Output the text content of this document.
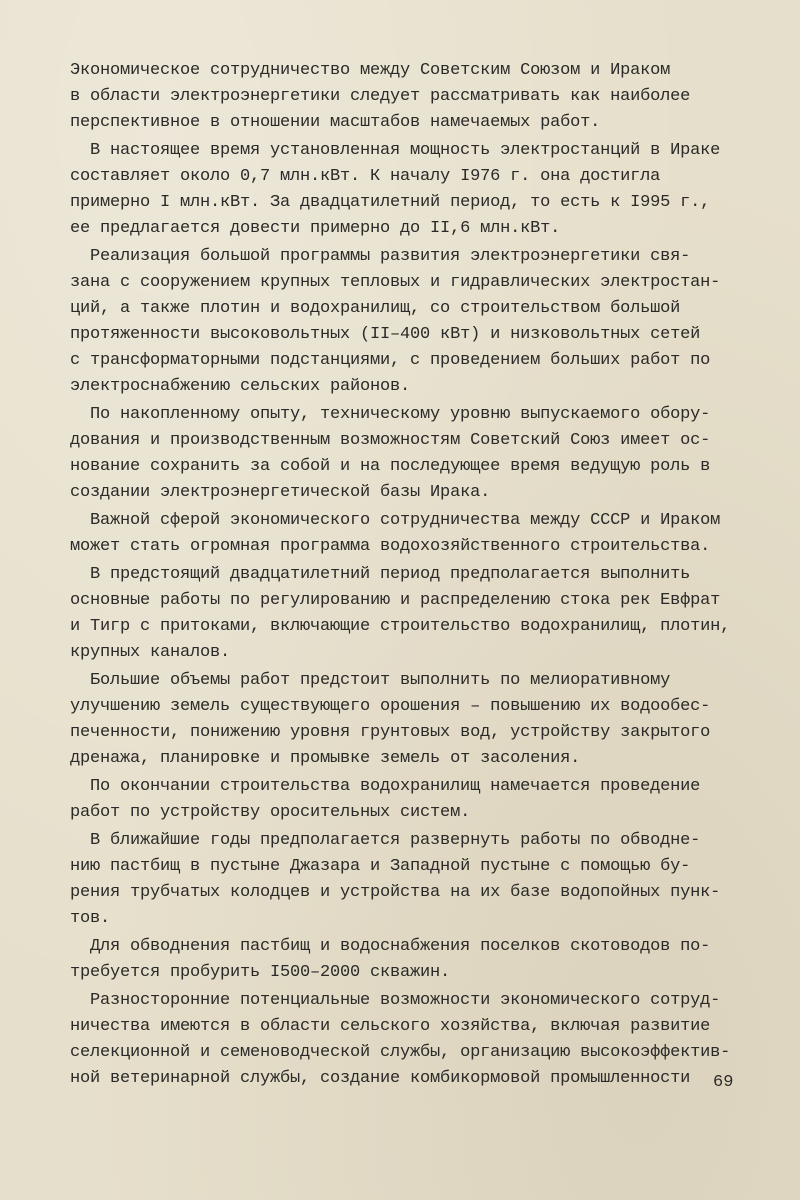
Экономическое сотрудничество между Советским Союзом и Ираком
в области электроэнергетики следует рассматривать как наиболее
перспективное в отношении масштабов намечаемых работ.
В настоящее время установленная мощность электростанций в Ираке
составляет около 0,7 млн.кВт. К началу I976 г. она достигла
примерно I млн.кВт. За двадцатилетний период, то есть к I995 г.,
ее предлагается довести примерно до II,6 млн.кВт.
Реализация большой программы развития электроэнергетики свя-
зана с сооружением крупных тепловых и гидравлических электростан-
ций, а также плотин и водохранилищ, со строительством большой
протяженности высоковольтных (II–400 кВт) и низковольтных сетей
с трансформаторными подстанциями, с проведением больших работ по
электроснабжению сельских районов.
По накопленному опыту, техническому уровню выпускаемого обору-
дования и производственным возможностям Советский Союз имеет ос-
нование сохранить за собой и на последующее время ведущую роль в
создании электроэнергетической базы Ирака.
Важной сферой экономического сотрудничества между СССР и Ираком
может стать огромная программа водохозяйственного строительства.
В предстоящий двадцатилетний период предполагается выполнить
основные работы по регулированию и распределению стока рек Евфрат
и Тигр с притоками, включающие строительство водохранилищ, плотин,
крупных каналов.
Большие объемы работ предстоит выполнить по мелиоративному
улучшению земель существующего орошения – повышению их водообес-
печенности, понижению уровня грунтовых вод, устройству закрытого
дренажа, планировке и промывке земель от засоления.
По окончании строительства водохранилищ намечается проведение
работ по устройству оросительных систем.
В ближайшие годы предполагается развернуть работы по обводне-
нию пастбищ в пустыне Джазара и Западной пустыне с помощью бу-
рения трубчатых колодцев и устройства на их базе водопойных пунк-
тов.
Для обводнения пастбищ и водоснабжения поселков скотоводов по-
требуется пробурить I500–2000 скважин.
Разносторонние потенциальные возможности экономического сотруд-
ничества имеются в области сельского хозяйства, включая развитие
селекционной и семеноводческой службы, организацию высокоэффектив-
ной ветеринарной службы, создание комбикормовой промышленности	69
